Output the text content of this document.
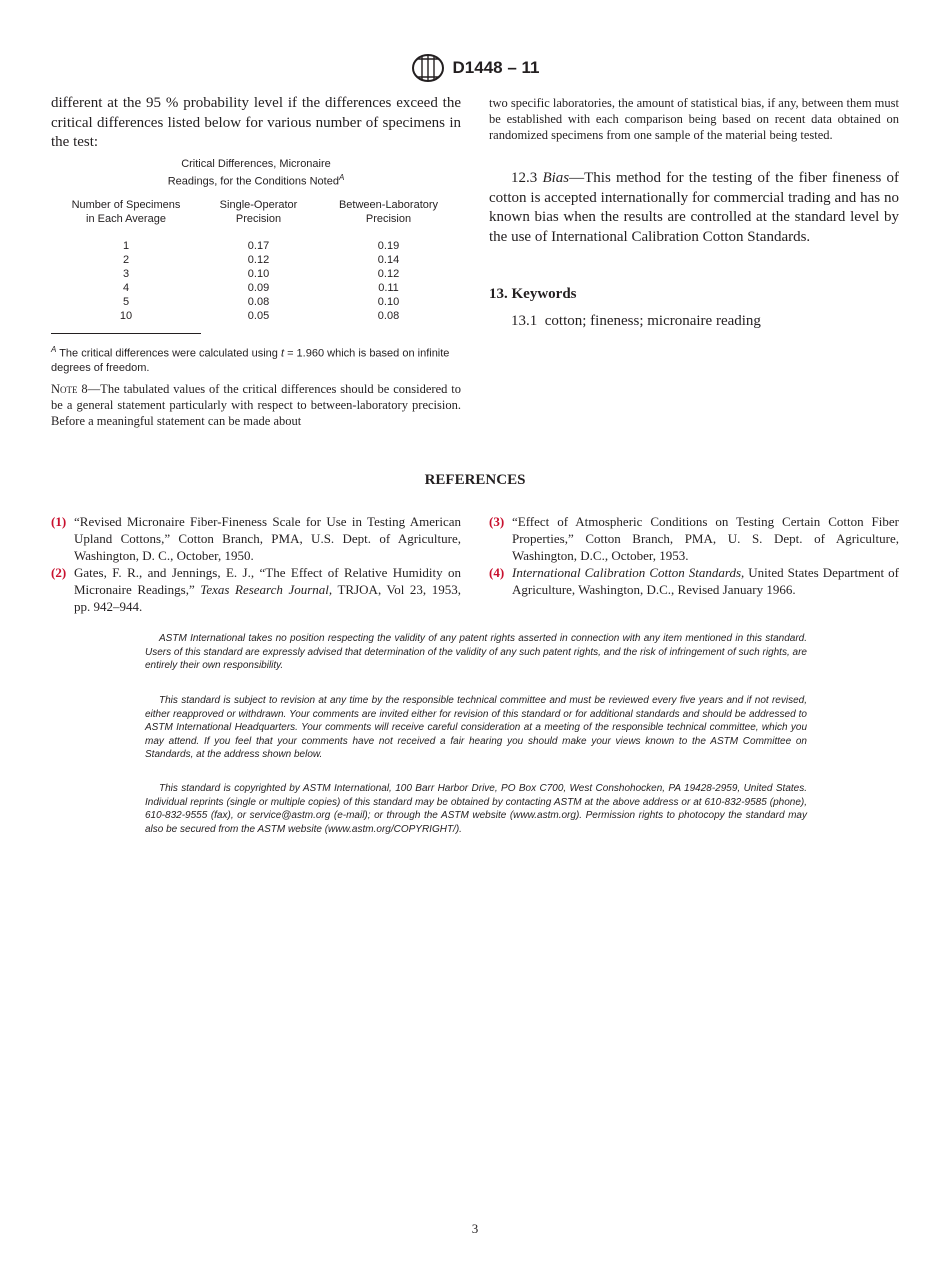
D1448 – 11
different at the 95 % probability level if the differences exceed the critical differences listed below for various number of specimens in the test:
Critical Differences, Micronaire
Readings, for the Conditions Noted$^A$
Number of Specimens
in Each Average
Single-Operator
Precision
Between-Laboratory
Precision
1	0.17	0.19
2	0.12	0.14
3	0.10	0.12
4	0.09	0.11
5	0.08	0.10
10	0.05	0.08
$^A$ The critical differences were calculated using t = 1.960 which is based on infinite degrees of freedom.
Note 8—The tabulated values of the critical differences should be considered to be a general statement particularly with respect to between-laboratory precision. Before a meaningful statement can be made about
two specific laboratories, the amount of statistical bias, if any, between them must be established with each comparison being based on recent data obtained on randomized specimens from one sample of the material being tested.
12.3 Bias—This method for the testing of the fiber fineness of cotton is accepted internationally for commercial trading and has no known bias when the results are controlled at the standard level by the use of International Calibration Cotton Standards.
13. Keywords
13.1 cotton; fineness; micronaire reading
REFERENCES
(1) “Revised Micronaire Fiber-Fineness Scale for Use in Testing American Upland Cottons,” Cotton Branch, PMA, U.S. Dept. of Agriculture, Washington, D. C., October, 1950.
(2) Gates, F. R., and Jennings, E. J., “The Effect of Relative Humidity on Micronaire Readings,” Texas Research Journal, TRJOA, Vol 23, 1953, pp. 942–944.
(3) “Effect of Atmospheric Conditions on Testing Certain Cotton Fiber Properties,” Cotton Branch, PMA, U. S. Dept. of Agriculture, Washington, D.C., October, 1953.
(4) International Calibration Cotton Standards, United States Department of Agriculture, Washington, D.C., Revised January 1966.
ASTM International takes no position respecting the validity of any patent rights asserted in connection with any item mentioned in this standard. Users of this standard are expressly advised that determination of the validity of any such patent rights, and the risk of infringement of such rights, are entirely their own responsibility.
This standard is subject to revision at any time by the responsible technical committee and must be reviewed every five years and if not revised, either reapproved or withdrawn. Your comments are invited either for revision of this standard or for additional standards and should be addressed to ASTM International Headquarters. Your comments will receive careful consideration at a meeting of the responsible technical committee, which you may attend. If you feel that your comments have not received a fair hearing you should make your views known to the ASTM Committee on Standards, at the address shown below.
This standard is copyrighted by ASTM International, 100 Barr Harbor Drive, PO Box C700, West Conshohocken, PA 19428-2959, United States. Individual reprints (single or multiple copies) of this standard may be obtained by contacting ASTM at the above address or at 610-832-9585 (phone), 610-832-9555 (fax), or service@astm.org (e-mail); or through the ASTM website (www.astm.org). Permission rights to photocopy the standard may also be secured from the ASTM website (www.astm.org/COPYRIGHT/).
3
